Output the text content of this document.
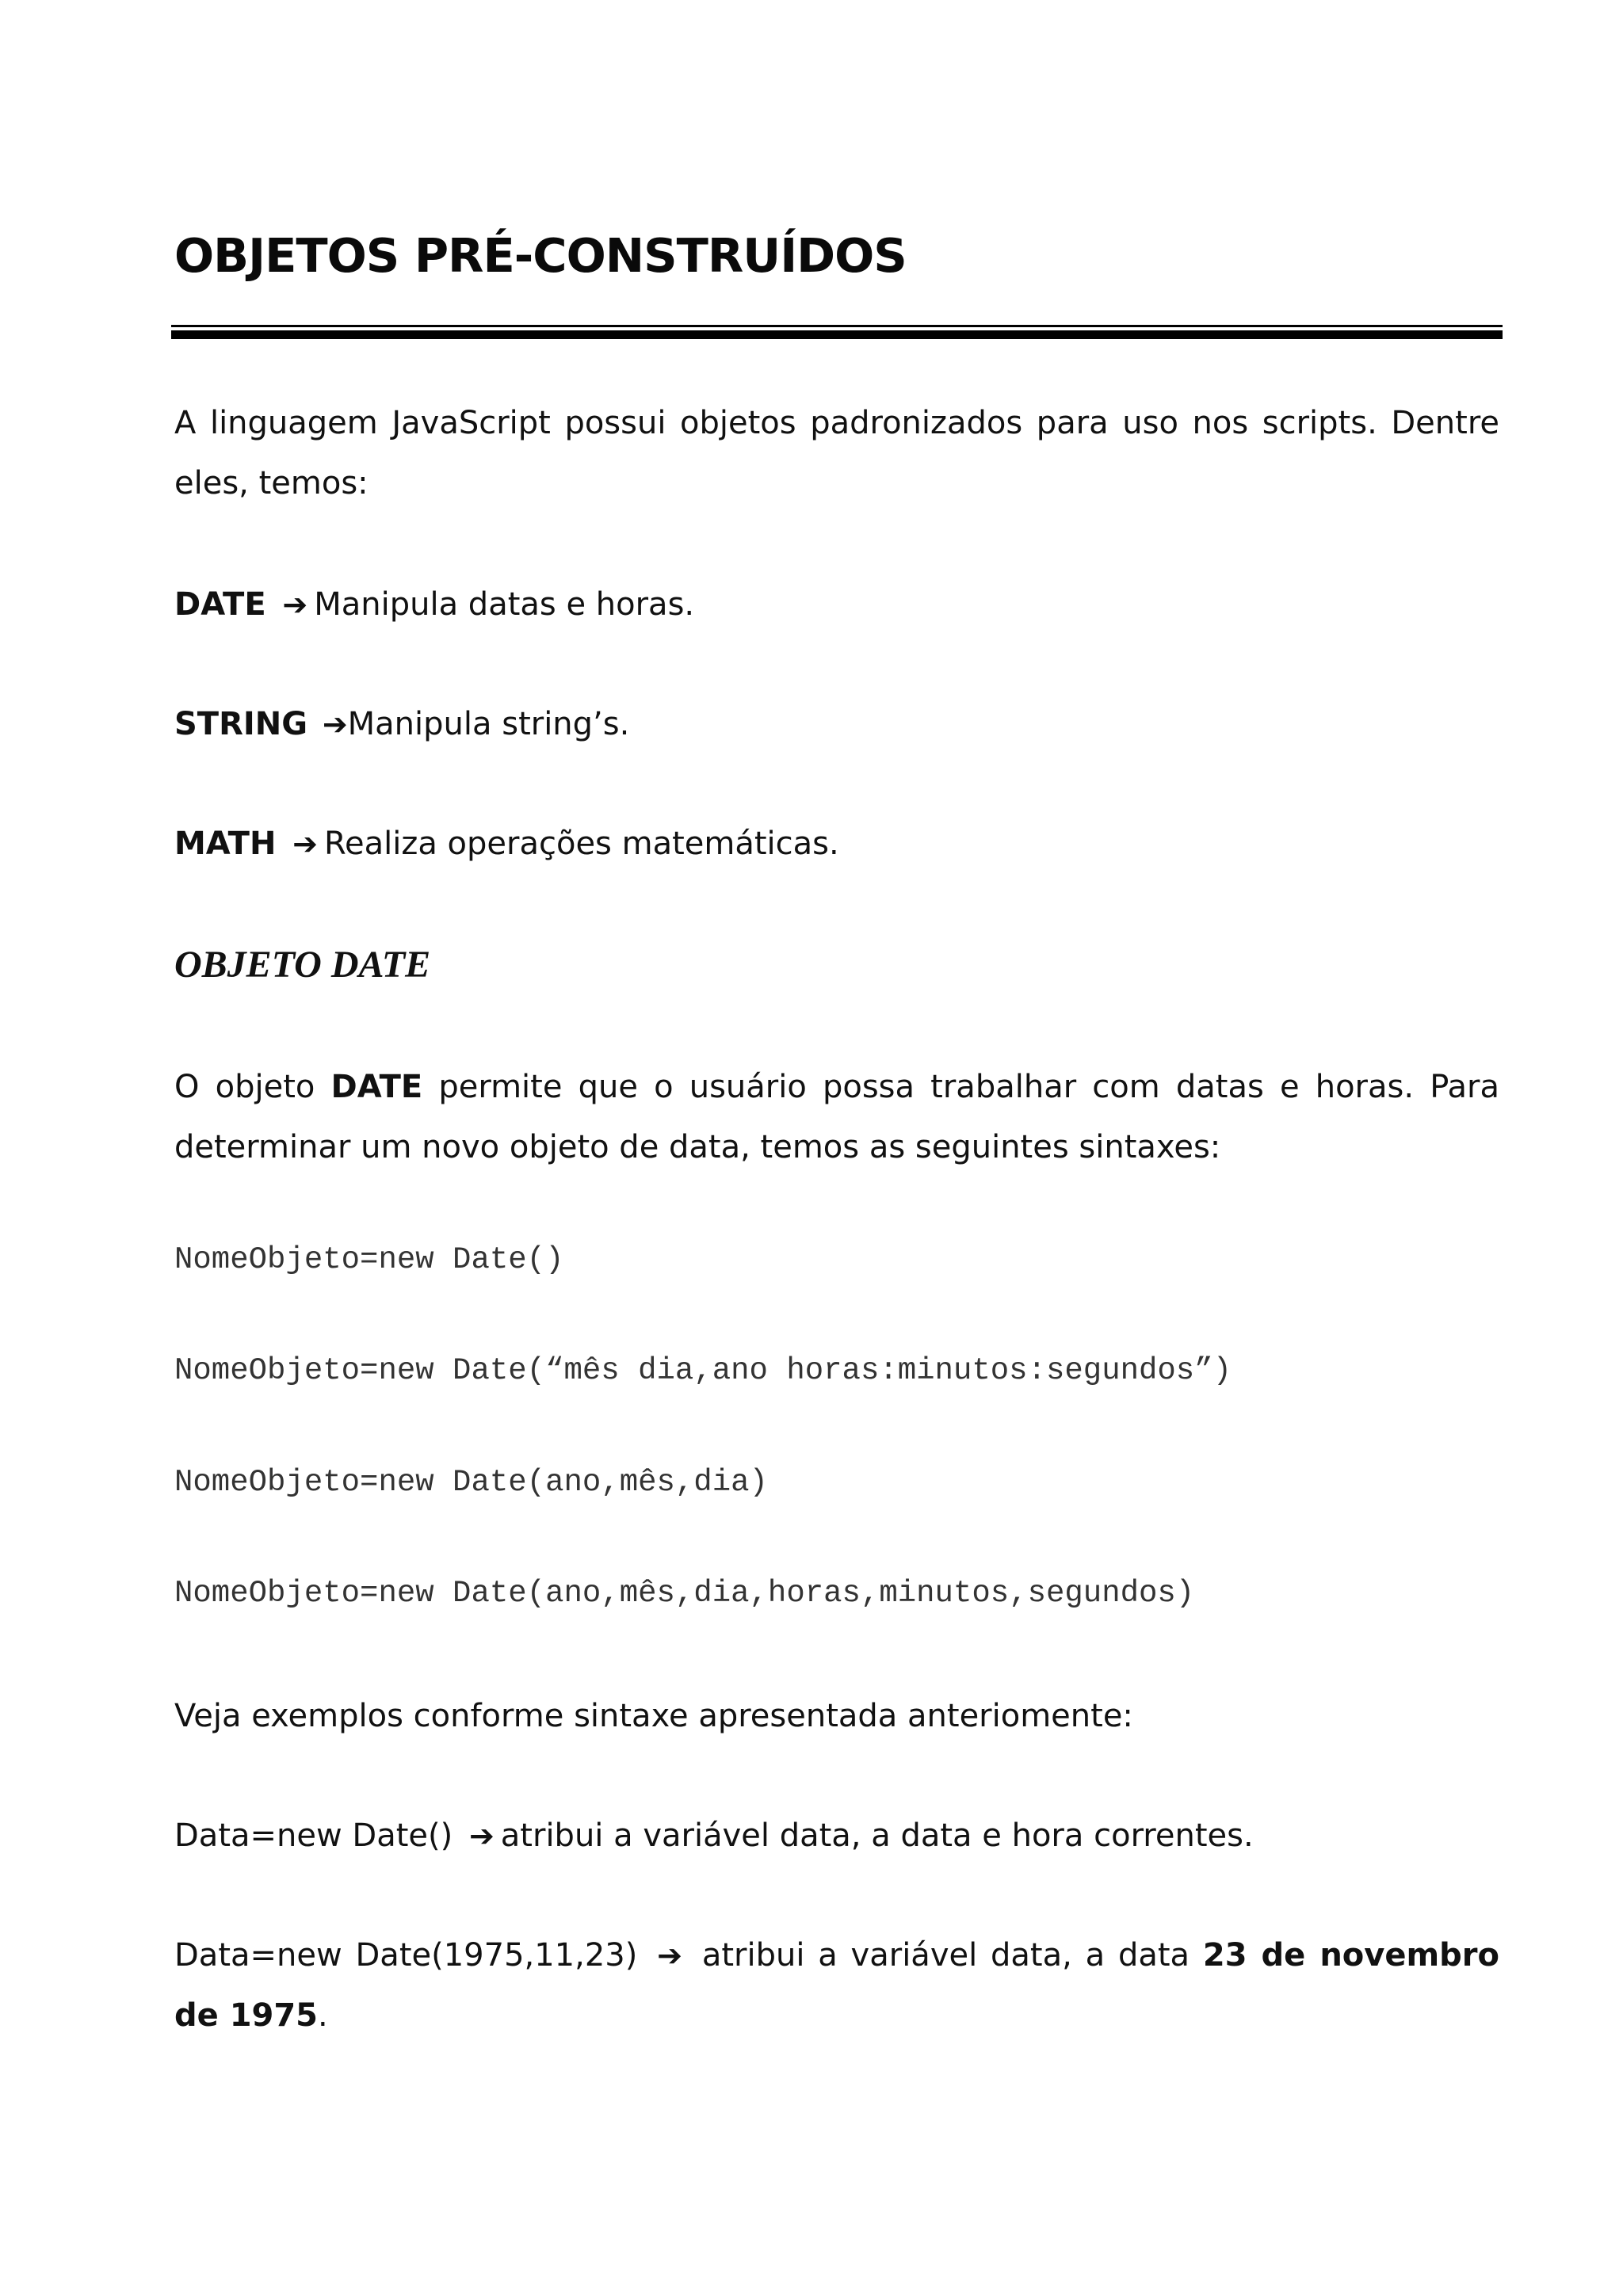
OBJETOS PRÉ-CONSTRUÍDOS

A linguagem JavaScript possui objetos padronizados para uso nos scripts. Dentre eles, temos:

DATE ➔ Manipula datas e horas.

STRING ➔Manipula string’s.

MATH ➔ Realiza operações matemáticas.

OBJETO DATE

O objeto DATE permite que o usuário possa trabalhar com datas e horas. Para determinar um novo objeto de data, temos as seguintes sintaxes:

NomeObjeto=new Date()
NomeObjeto=new Date(“mês dia,ano horas:minutos:segundos”)
NomeObjeto=new Date(ano,mês,dia)
NomeObjeto=new Date(ano,mês,dia,horas,minutos,segundos)

Veja exemplos conforme sintaxe apresentada anteriomente:

Data=new Date() ➔ atribui a variável data, a data e hora correntes.

Data=new Date(1975,11,23) ➔ atribui a variável data, a data 23 de novembro de 1975.
